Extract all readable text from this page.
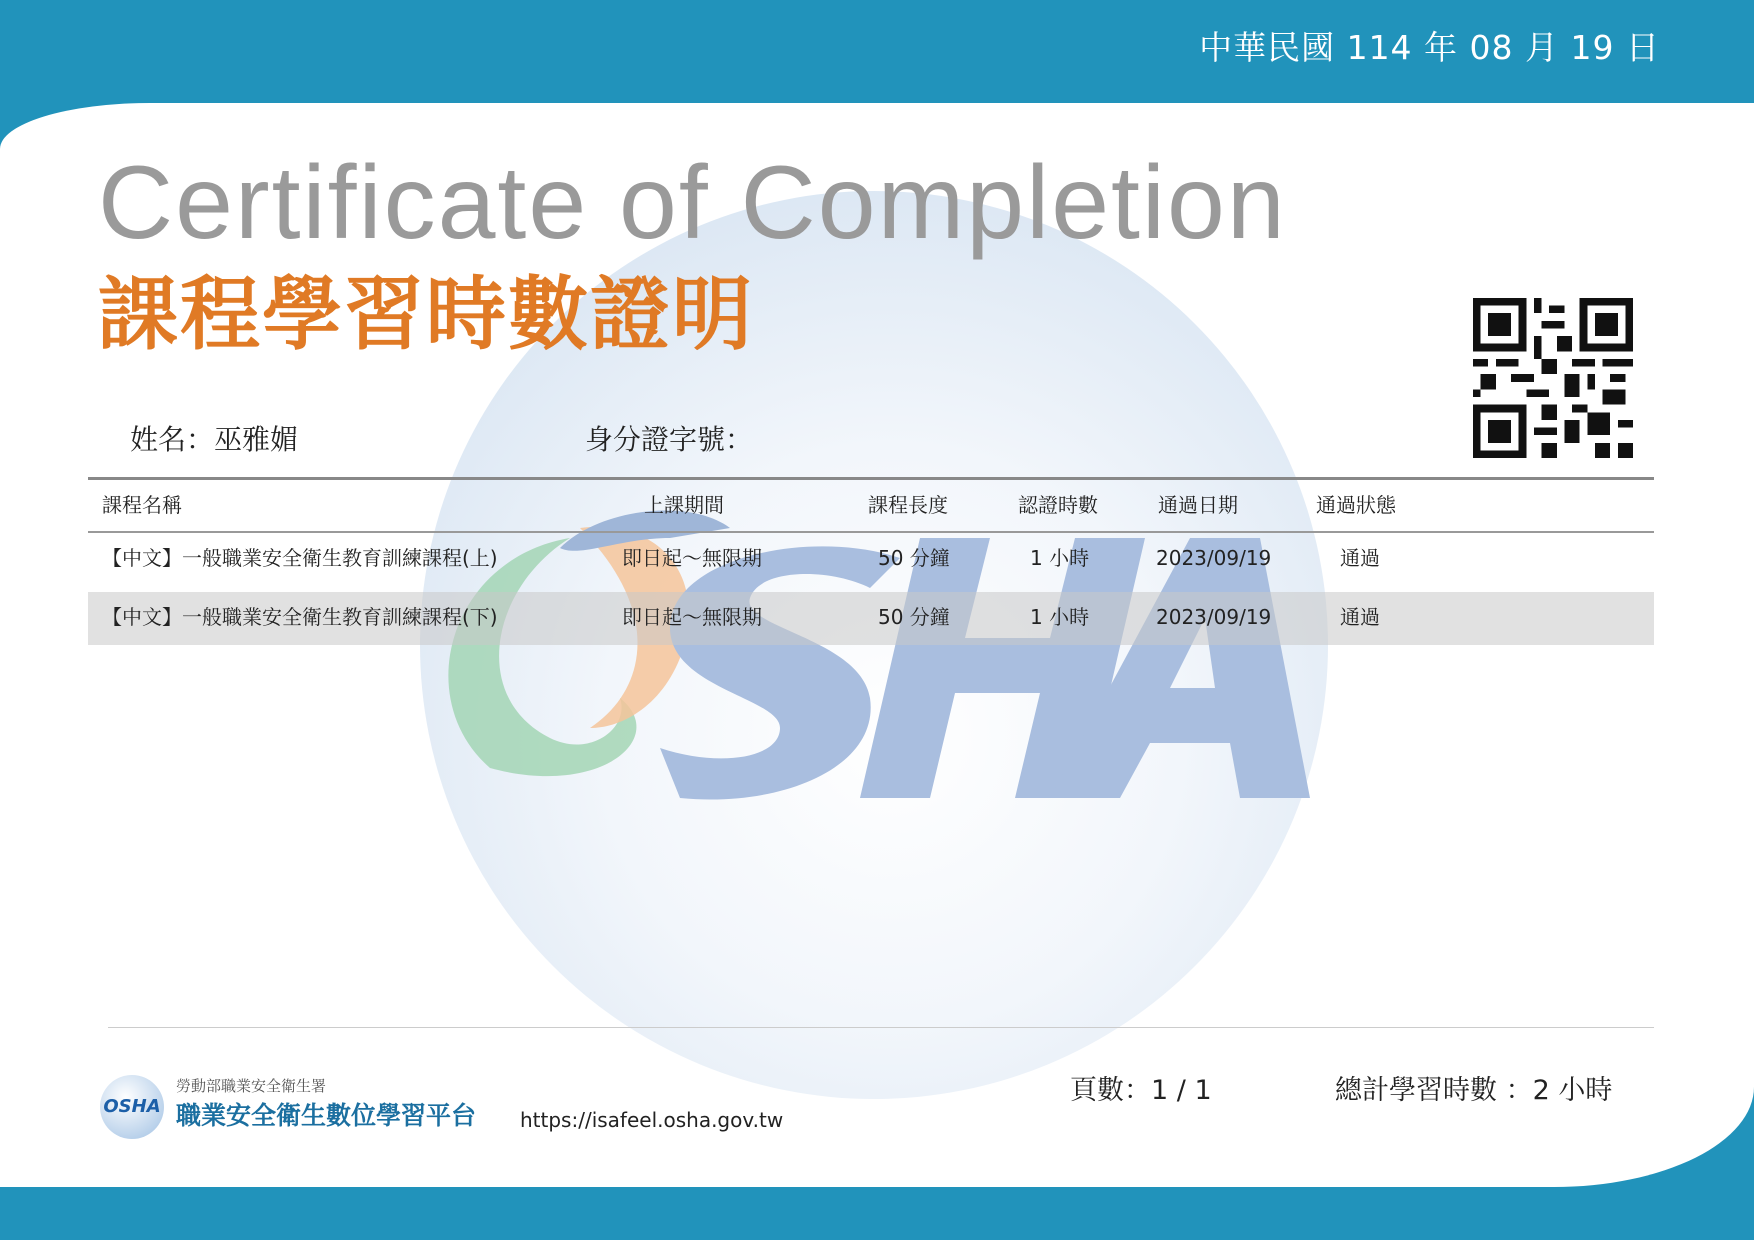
中華民國 114 年 08 月 19 日
Certificate of Completion
課程學習時數證明
姓名：巫雅媚	身分證字號：
課程名稱	上課期間	課程長度	認證時數	通過日期	通過狀態
【中文】一般職業安全衛生教育訓練課程(上)	即日起～無限期	50 分鐘	1 小時	2023/09/19	通過
【中文】一般職業安全衛生教育訓練課程(下)	即日起～無限期	50 分鐘	1 小時	2023/09/19	通過
OSHA
勞動部職業安全衛生署
職業安全衛生數位學習平台 https://isafeel.osha.gov.tw
頁數：1 / 1	總計學習時數 ：2 小時
